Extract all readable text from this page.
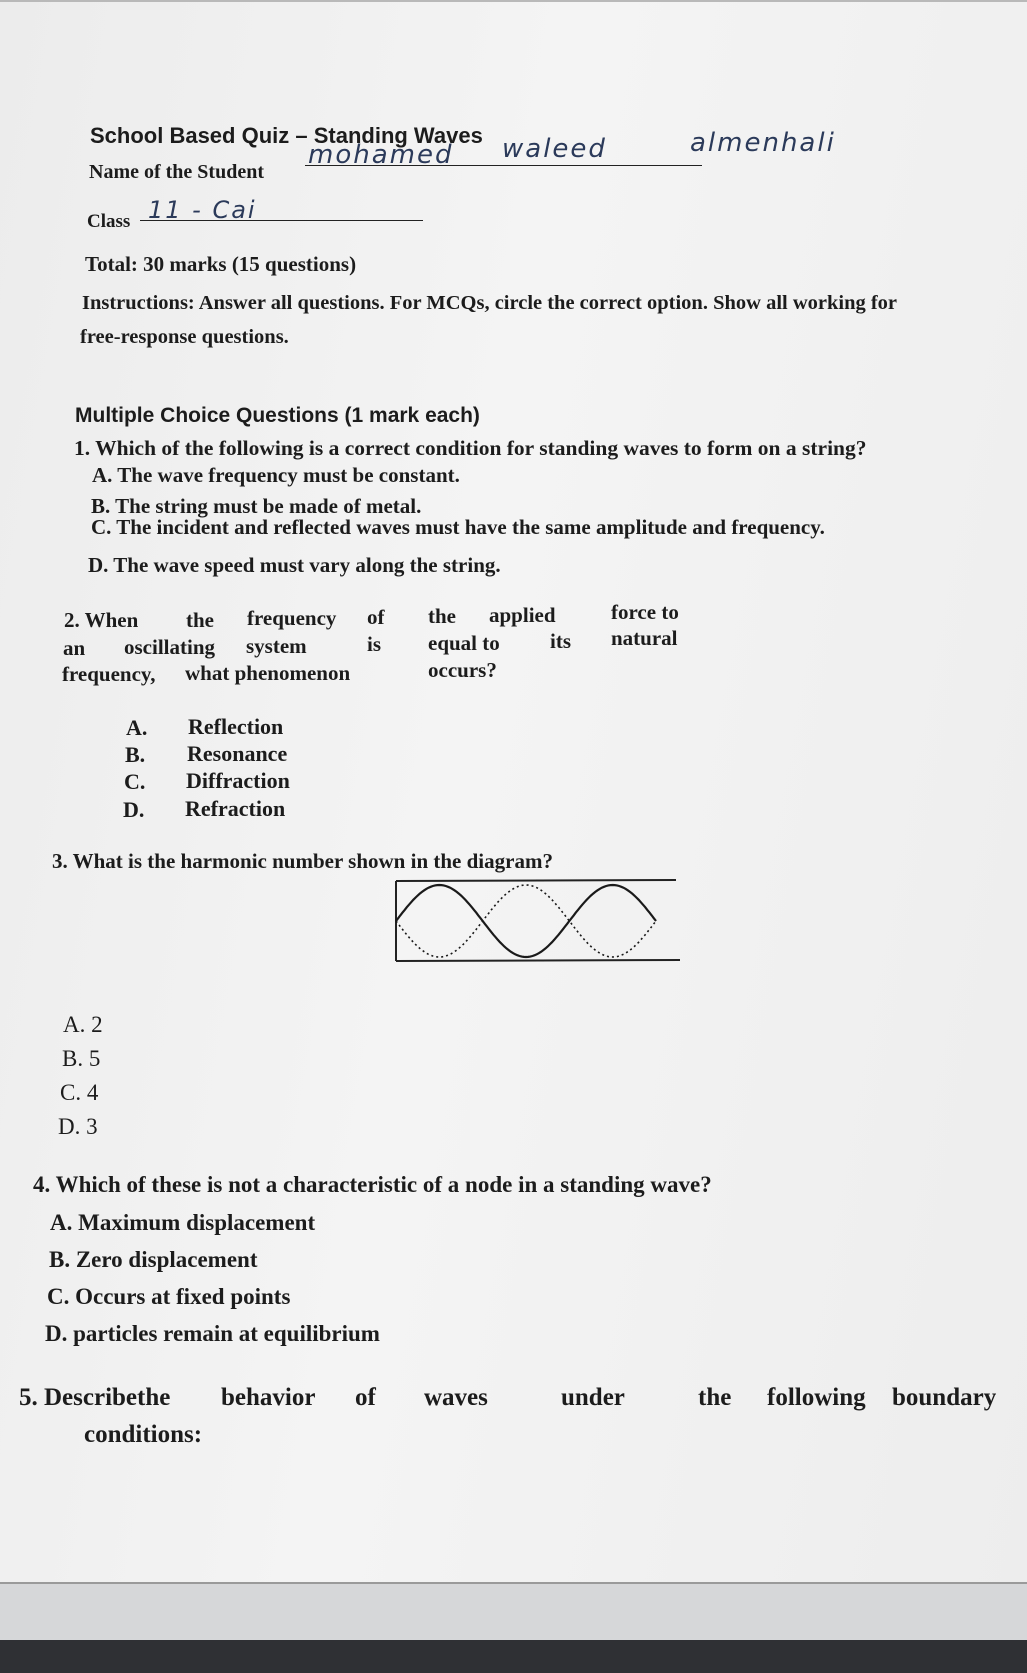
School Based Quiz – Standing Waves
Name of the Student
mohamed waleed	almenhali
Class 11 - Cai
Total: 30 marks (15 questions)
Instructions: Answer all questions. For MCQs, circle the correct option. Show all working for
free-response questions.
Multiple Choice Questions (1 mark each)
1. Which of the following is a correct condition for standing waves to form on a string?
A. The wave frequency must be constant.
B. The string must be made of metal.
C. The incident and reflected waves must have the same amplitude and frequency.
D. The wave speed must vary along the string.
2. When the frequency of the applied	force to
an oscillating system	is equal to its natural
frequency, what phenomenon	occurs?
A. Reflection
B. Resonance
C. Diffraction
D. Refraction
3. What is the harmonic number shown in the diagram?
A. 2
B. 5
C. 4
D. 3
4. Which of these is not a characteristic of a node in a standing wave?
A. Maximum displacement
B. Zero displacement
C. Occurs at fixed points
D. particles remain at equilibrium
5. Describethe behavior of waves	under	the following boundary
conditions:
